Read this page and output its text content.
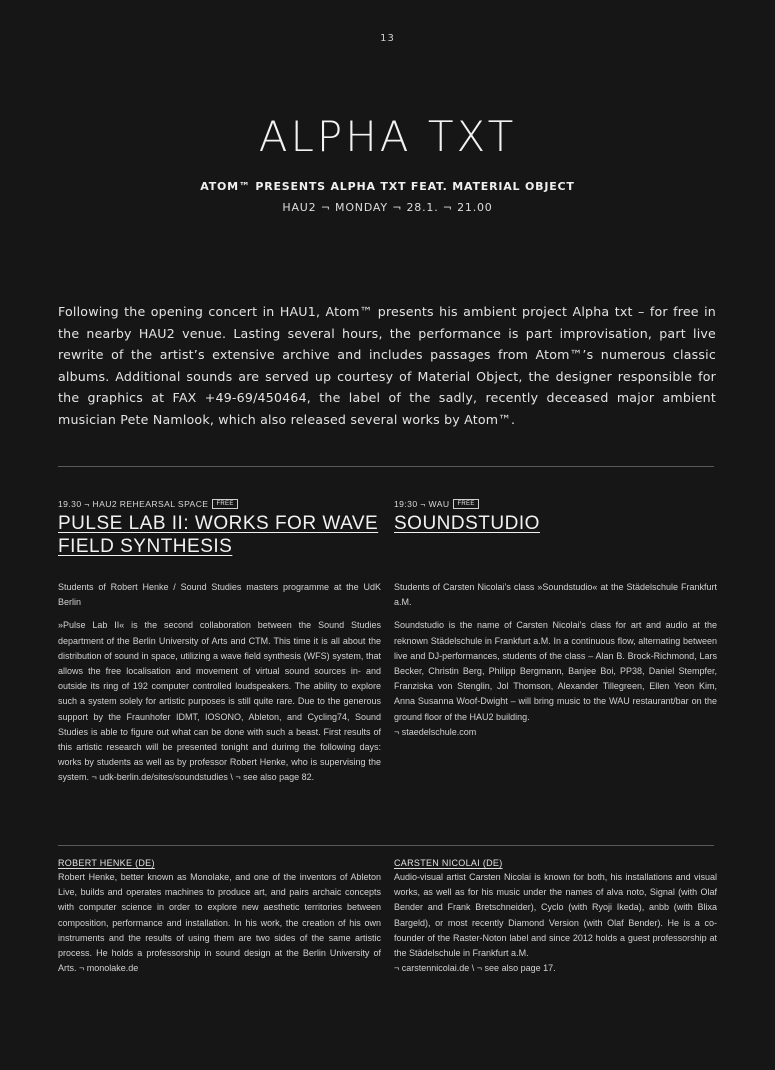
13
ALPHA TXT
ATOM™ PRESENTS ALPHA TXT FEAT. MATERIAL OBJECT
HAU2 ¬ MONDAY ¬ 28.1. ¬ 21.00
Following the opening concert in HAU1, Atom™ presents his ambient project Alpha txt – for free in the nearby HAU2 venue. Lasting several hours, the performance is part improvisation, part live rewrite of the artist’s extensive archive and includes passages from Atom™’s numerous classic albums. Additional sounds are served up courtesy of Material Object, the designer responsible for the graphics at FAX +49-69/450464, the label of the sadly, recently deceased major ambient musician Pete Namlook, which also released several works by Atom™.
19.30 ¬ HAU2 REHEARSAL SPACE	FREE
PULSE LAB II: WORKS FOR WAVE
FIELD SYNTHESIS

Students of Robert Henke / Sound Studies masters programme at the UdK Berlin

»Pulse Lab II« is the second collaboration between the Sound Studies department of the Berlin University of Arts and CTM. This time it is all about the distribution of sound in space, utilizing a wave field synthesis (WFS) system, that allows the free localisation and movement of virtual sound sources in- and outside its ring of 192 computer controlled loudspeakers. The ability to explore such a system solely for artistic purposes is still quite rare. Due to the generous support by the Fraunhofer IDMT, IOSONO, Ableton, and Cycling74, Sound Studies is able to figure out what can be done with such a beast. First results of this artistic research will be presented tonight and durimg the following days: works by students as well as by professor Robert Henke, who is supervising the system. ¬ udk-berlin.de/sites/soundstudies \ ¬ see also page 82.

19:30 ¬ WAU	FREE
SOUNDSTUDIO

Students of Carsten Nicolai’s class »Soundstudio« at the Städelschule Frankfurt a.M.

Soundstudio is the name of Carsten Nicolai’s class for art and audio at the reknown Städelschule in Frankfurt a.M. In a continuous flow, alternating between live and DJ-performances, students of the class – Alan B. Brock-Richmond, Lars Becker, Christin Berg, Philipp Bergmann, Banjee Boi, PP38, Daniel Stempfer, Franziska von Stenglin, Jol Thomson, Alexander Tillegreen, Ellen Yeon Kim, Anna Susanna Woof-Dwight – will bring music to the WAU restaurant/bar on the ground floor of the HAU2 building.

¬ staedelschule.com
ROBERT HENKE (DE)
Robert Henke, better known as Monolake, and one of the inventors of Ableton Live, builds and operates machines to produce art, and pairs archaic concepts with computer science in order to explore new aesthetic territories between composition, performance and installation. In his work, the creation of his own instruments and the results of using them are two sides of the same artistic process. He holds a professorship in sound design at the Berlin University of Arts. ¬ monolake.de
CARSTEN NICOLAI (DE)
Audio-visual artist Carsten Nicolai is known for both, his installations and visual works, as well as for his music under the names of alva noto, Signal (with Olaf Bender and Frank Bretschneider), Cyclo (with Ryoji Ikeda), anbb (with Blixa Bargeld), or most recently Diamond Version (with Olaf Bender). He is a co-founder of the Raster-Noton label and since 2012 holds a guest professorship at the Städelschule in Frankfurt a.M.
¬ carstennicolai.de \ ¬ see also page 17.
